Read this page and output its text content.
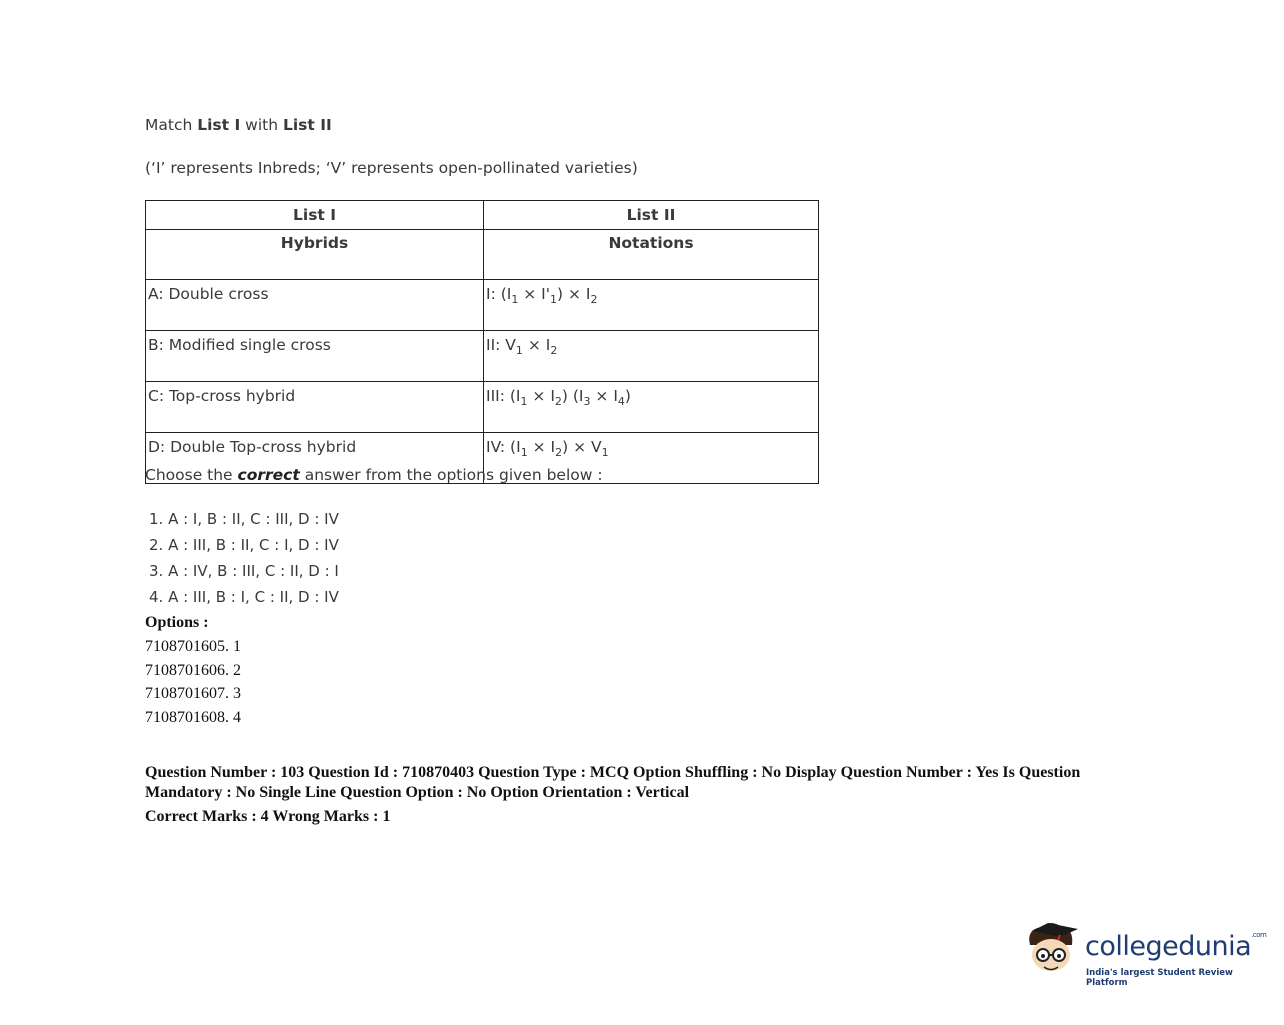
Match List I with List II
(‘I’ represents Inbreds; ‘V’ represents open-pollinated varieties)
List I	List II
Hybrids	Notations
A: Double cross	I: $(I_1 \times I'_1) \times I_2$
B: Modified single cross	II: $V_1 \times I_2$
C: Top-cross hybrid	III: $(I_1 \times I_2) (I_3 \times I_4)$
D: Double Top-cross hybrid	IV: $(I_1 \times I_2) \times V_1$
Choose the correct answer from the options given below :
1. A : I, B : II, C : III, D : IV
2. A : III, B : II, C : I, D : IV
3. A : IV, B : III, C : II, D : I
4. A : III, B : I, C : II, D : IV
Options :
7108701605. 1
7108701606. 2
7108701607. 3
7108701608. 4
Question Number : 103 Question Id : 710870403 Question Type : MCQ Option Shuffling : No Display Question Number : Yes Is Question Mandatory : No Single Line Question Option : No Option Orientation : Vertical
Correct Marks : 4 Wrong Marks : 1
collegedunia$^{.com}$
India's largest Student Review Platform
